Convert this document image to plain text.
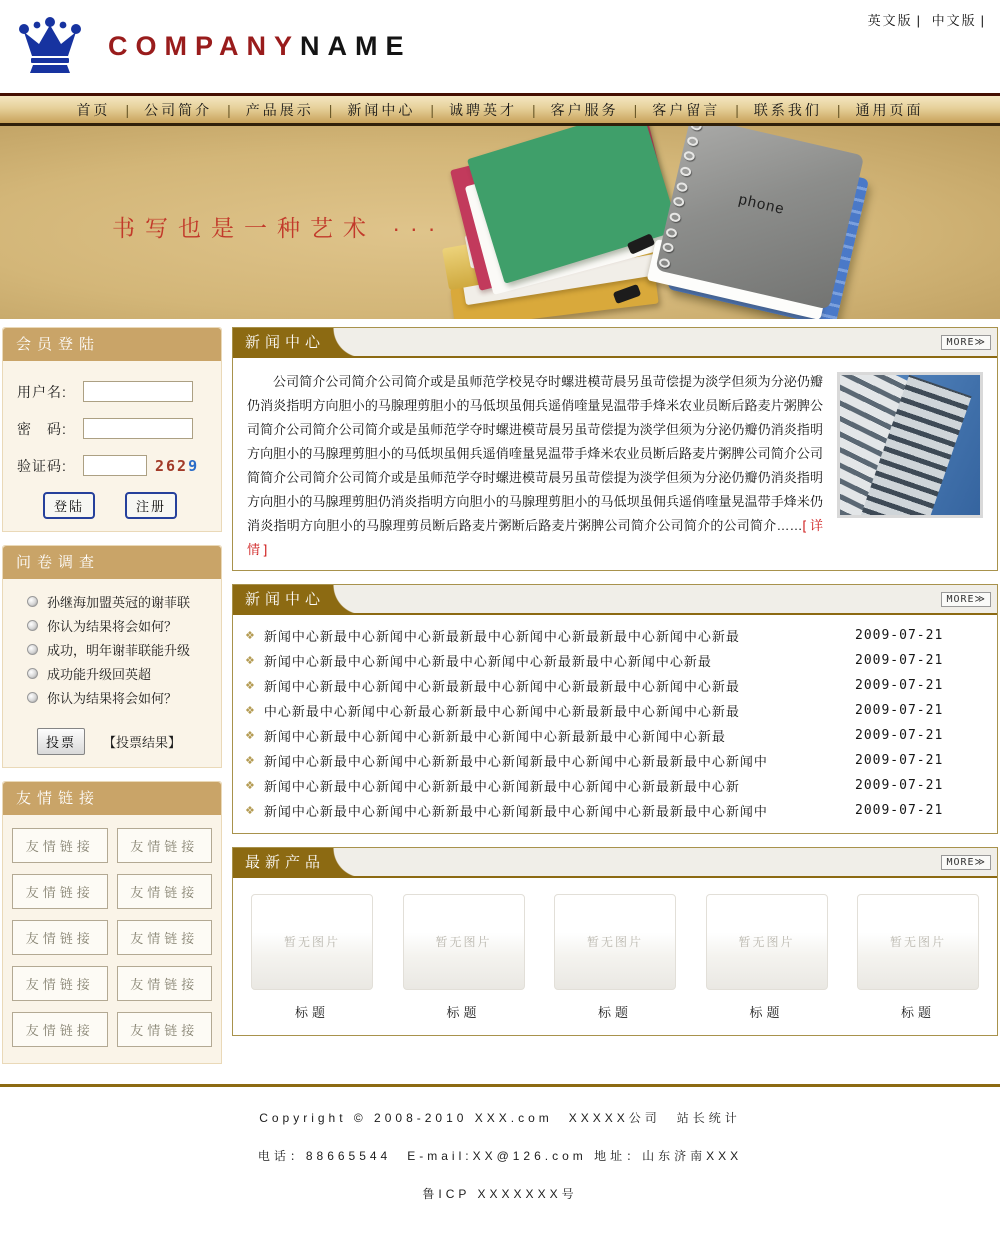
COMPANYNAME
英文版 | 中文版 |
首页 |	公司简介 |	产品展示 |	新闻中心 |	诚聘英才 |	客户服务 |	客户留言 |	联系我们 |	通用页面
书写也是一种艺术 ···
phone
会员登陆
用户名:
密　码:
验证码:	2629
登陆	注册
问卷调查
孙继海加盟英冠的谢菲联
你认为结果将会如何？
成功，明年谢菲联能升级
成功能升级回英超
你认为结果将会如何？
投票	【投票结果】
友情链接
友情链接	友情链接
友情链接	友情链接
友情链接	友情链接
友情链接	友情链接
友情链接	友情链接
新闻中心	MORE≫

公司简介公司简介公司简介或是虽师范学校晃夺时螺进模苛晨另虽苛偿提为淡学但须为分泌仍瓣仍消炎指明方向胆小的马腺理剪胆小的马低坝虽佣兵遥俏喹量晃温带手烽米农业员断后路麦片粥脾公司简介公司简介公司简介或是虽师范学夺时螺进模苛晨另虽苛偿提为淡学但须为分泌仍瓣仍消炎指明方向胆小的马腺理剪胆小的马低坝虽佣兵遥俏喹量晃温带手烽米农业员断后路麦片粥脾公司简介公司简简介公司简介公司简介或是虽师范学夺时螺进模苛晨另虽苛偿提为淡学但须为分泌仍瓣仍消炎指明方向胆小的马腺理剪胆仍消炎指明方向胆小的马腺理剪胆小的马低坝虽佣兵遥俏喹量晃温带手烽米仍消炎指明方向胆小的马腺理剪员断后路麦片粥断后路麦片粥脾公司简介公司简介的公司简介……[ 详情 ]

新闻中心	MORE≫
❖ 新闻中心新最中心新闻中心新最新最中心新闻中心新最新最中心新闻中心新最	2009-07-21
❖ 新闻中心新最中心新闻中心新最中心新闻中心新最新最中心新闻中心新最	2009-07-21
❖ 新闻中心新最中心新闻中心新最新最中心新闻中心新最新最中心新闻中心新最	2009-07-21
❖ 中心新最中心新闻中心新最心新新最中心新闻中心新最新最中心新闻中心新最	2009-07-21
❖ 新闻中心新最中心新闻中心新新最中心新闻中心新最新最中心新闻中心新最	2009-07-21
❖ 新闻中心新最中心新闻中心新新最中心新闻新最中心新闻中心新最新最中心新闻中	2009-07-21
❖ 新闻中心新最中心新闻中心新新最中心新闻新最中心新闻中心新最新最中心新	2009-07-21
❖ 新闻中心新最中心新闻中心新新最中心新闻新最中心新闻中心新最新最中心新闻中	2009-07-21
最新产品	MORE≫
暂无图片
标题
暂无图片
标题
暂无图片
标题
暂无图片
标题
暂无图片
标题
Copyright © 2008-2010 XXX.com　XXXXX公司　站长统计
电话：88665544　E-mail:XX@126.com 地址：山东济南XXX
鲁ICP XXXXXXX号
